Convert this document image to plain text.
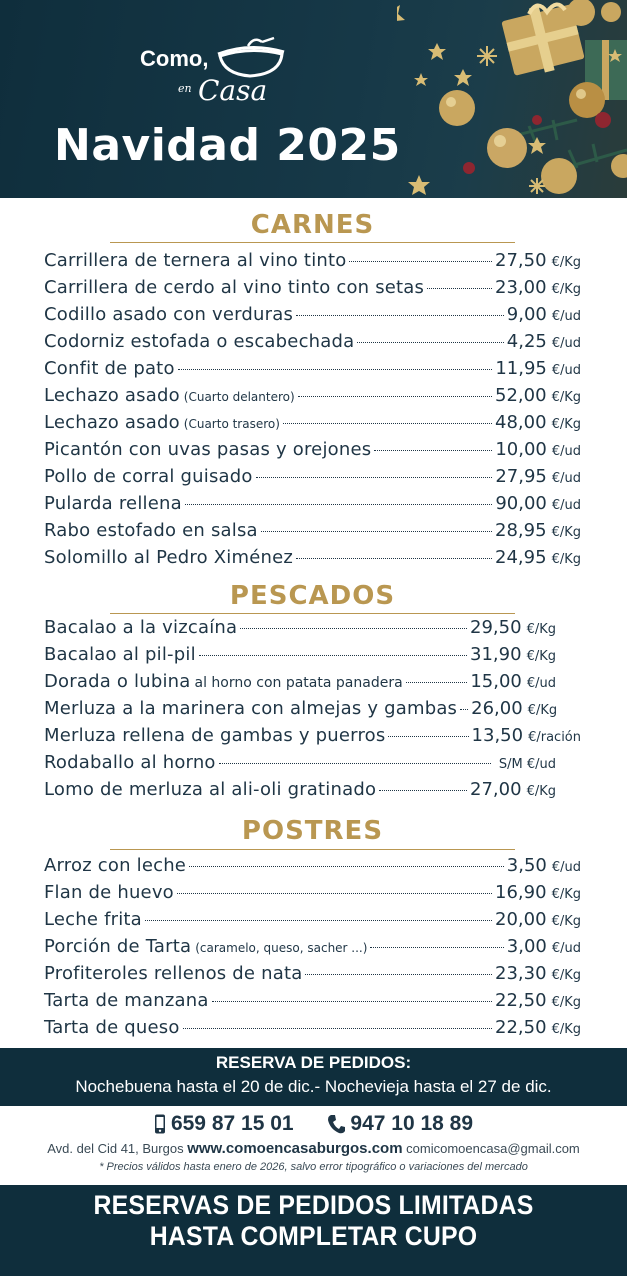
Como,
en Casa
Navidad 2025
CARNES
Carrillera de ternera al vino tinto	27,50 €/Kg
Carrillera de cerdo al vino tinto con setas	23,00 €/Kg
Codillo asado con verduras	9,00 €/ud
Codorniz estofada o escabechada	4,25 €/ud
Confit de pato	11,95 €/ud
Lechazo asado (Cuarto delantero)	52,00 €/Kg
Lechazo asado (Cuarto trasero)	48,00 €/Kg
Picantón con uvas pasas y orejones	10,00 €/ud
Pollo de corral guisado	27,95 €/ud
Pularda rellena	90,00 €/ud
Rabo estofado en salsa	28,95 €/Kg
Solomillo al Pedro Ximénez	24,95 €/Kg
PESCADOS
Bacalao a la vizcaína	29,50 €/Kg
Bacalao al pil-pil	31,90 €/Kg
Dorada o lubina al horno con patata panadera	15,00 €/ud
Merluza a la marinera con almejas y gambas 26,00 €/Kg
Merluza rellena de gambas y puerros	13,50 €/ración
Rodaballo al horno	S/M €/ud
Lomo de merluza al ali-oli gratinado	27,00 €/Kg
POSTRES
Arroz con leche	3,50 €/ud
Flan de huevo	16,90 €/Kg
Leche frita	20,00 €/Kg
Porción de Tarta (caramelo, queso, sacher ...)	3,00 €/ud
Profiteroles rellenos de nata	23,30 €/Kg
Tarta de manzana	22,50 €/Kg
Tarta de queso	22,50 €/Kg
RESERVA DE PEDIDOS:
Nochebuena hasta el 20 de dic.- Nochevieja hasta el 27 de dic.
659 87 15 01
	947 10 18 89
Avd. del Cid 41, Burgos www.comoencasaburgos.com comicomoencasa@gmail.com
* Precios válidos hasta enero de 2026, salvo error tipográfico o variaciones del mercado
RESERVAS DE PEDIDOS LIMITADAS
HASTA COMPLETAR CUPO
